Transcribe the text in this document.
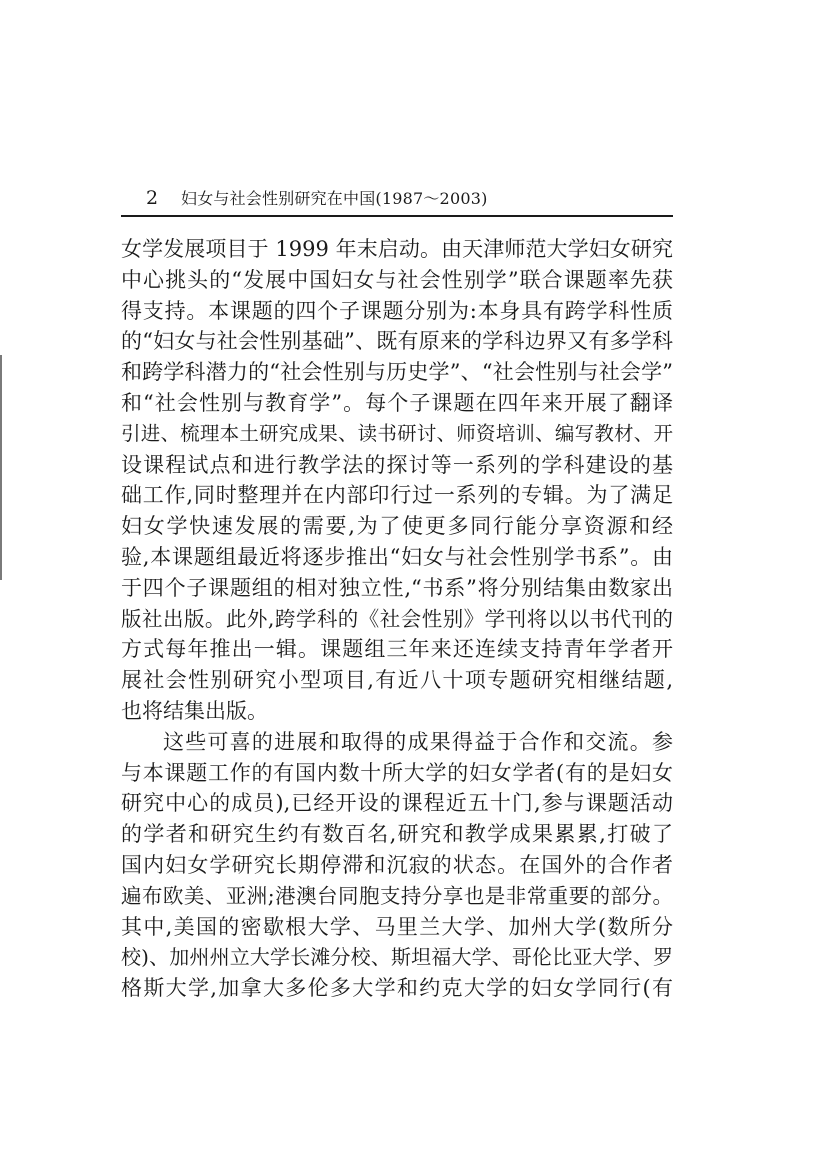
2 妇女与社会性别研究在中国(1987～2003)
女学发展项目于 1999 年末启动。由天津师范大学妇女研究
中心挑头的“发展中国妇女与社会性别学”联合课题率先获
得支持。本课题的四个子课题分别为:本身具有跨学科性质
的“妇女与社会性别基础”、既有原来的学科边界又有多学科
和跨学科潜力的“社会性别与历史学”、“社会性别与社会学”
和“社会性别与教育学”。每个子课题在四年来开展了翻译
引进、梳理本土研究成果、读书研讨、师资培训、编写教材、开
设课程试点和进行教学法的探讨等一系列的学科建设的基
础工作,同时整理并在内部印行过一系列的专辑。为了满足
妇女学快速发展的需要,为了使更多同行能分享资源和经
验,本课题组最近将逐步推出“妇女与社会性别学书系”。由
于四个子课题组的相对独立性,“书系”将分别结集由数家出
版社出版。此外,跨学科的《社会性别》学刊将以以书代刊的
方式每年推出一辑。课题组三年来还连续支持青年学者开
展社会性别研究小型项目,有近八十项专题研究相继结题,
也将结集出版。
这些可喜的进展和取得的成果得益于合作和交流。参
与本课题工作的有国内数十所大学的妇女学者(有的是妇女
研究中心的成员),已经开设的课程近五十门,参与课题活动
的学者和研究生约有数百名,研究和教学成果累累,打破了
国内妇女学研究长期停滞和沉寂的状态。在国外的合作者
遍布欧美、亚洲;港澳台同胞支持分享也是非常重要的部分。
其中,美国的密歇根大学、马里兰大学、加州大学(数所分
校)、加州州立大学长滩分校、斯坦福大学、哥伦比亚大学、罗
格斯大学,加拿大多伦多大学和约克大学的妇女学同行(有
